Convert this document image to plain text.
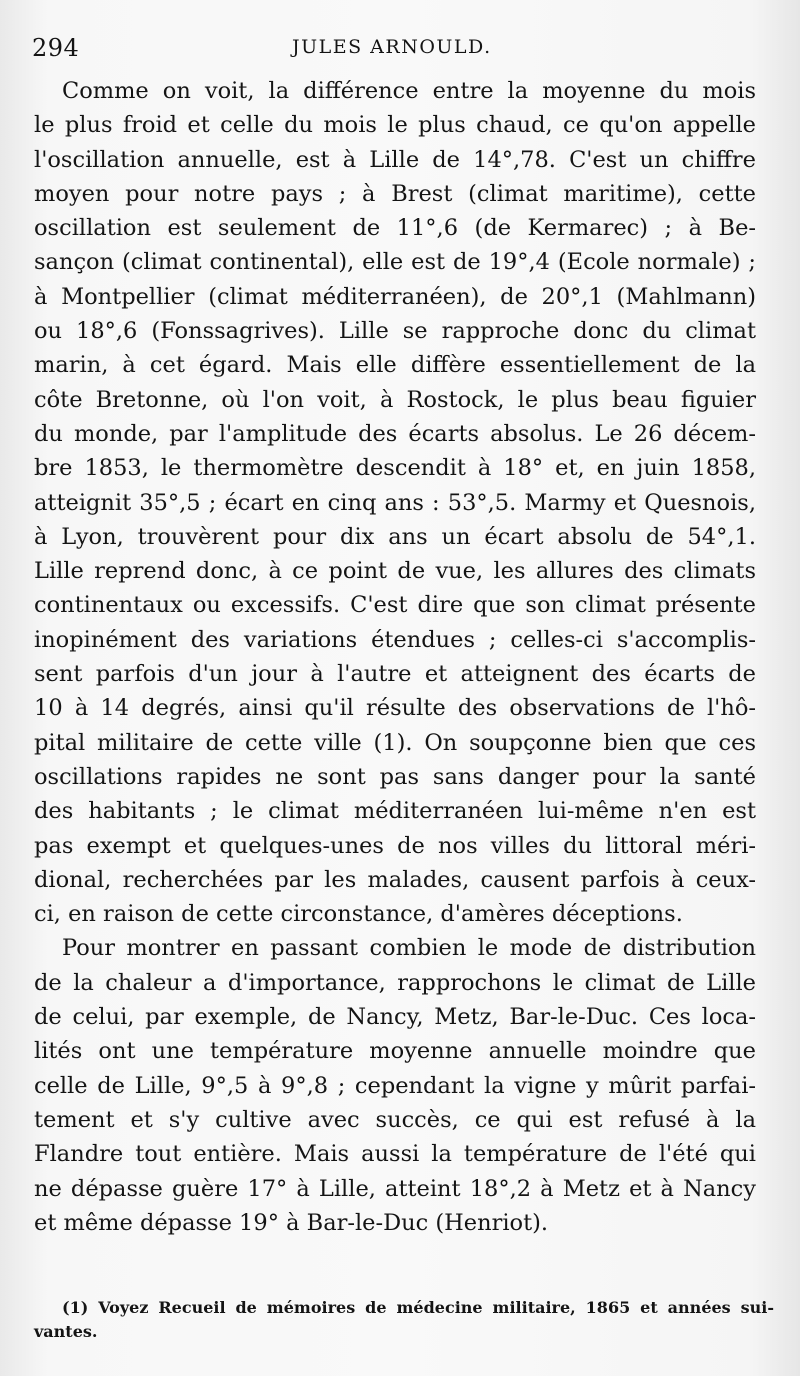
294	JULES ARNOULD.
Comme on voit, la différence entre la moyenne du mois
le plus froid et celle du mois le plus chaud, ce qu'on appelle
l'oscillation annuelle, est à Lille de 14°,78. C'est un chiffre
moyen pour notre pays ; à Brest (climat maritime), cette
oscillation est seulement de 11°,6 (de Kermarec) ; à Be-
sançon (climat continental), elle est de 19°,4 (Ecole normale) ;
à Montpellier (climat méditerranéen), de 20°,1 (Mahlmann)
ou 18°,6 (Fonssagrives). Lille se rapproche donc du climat
marin, à cet égard. Mais elle diffère essentiellement de la
côte Bretonne, où l'on voit, à Rostock, le plus beau figuier
du monde, par l'amplitude des écarts absolus. Le 26 décem-
bre 1853, le thermomètre descendit à 18° et, en juin 1858,
atteignit 35°,5 ; écart en cinq ans : 53°,5. Marmy et Quesnois,
à Lyon, trouvèrent pour dix ans un écart absolu de 54°,1.
Lille reprend donc, à ce point de vue, les allures des climats
continentaux ou excessifs. C'est dire que son climat présente
inopinément des variations étendues ; celles-ci s'accomplis-
sent parfois d'un jour à l'autre et atteignent des écarts de
10 à 14 degrés, ainsi qu'il résulte des observations de l'hô-
pital militaire de cette ville (1). On soupçonne bien que ces
oscillations rapides ne sont pas sans danger pour la santé
des habitants ; le climat méditerranéen lui-même n'en est
pas exempt et quelques-unes de nos villes du littoral méri-
dional, recherchées par les malades, causent parfois à ceux-
ci, en raison de cette circonstance, d'amères déceptions.
Pour montrer en passant combien le mode de distribution
de la chaleur a d'importance, rapprochons le climat de Lille
de celui, par exemple, de Nancy, Metz, Bar-le-Duc. Ces loca-
lités ont une température moyenne annuelle moindre que
celle de Lille, 9°,5 à 9°,8 ; cependant la vigne y mûrit parfai-
tement et s'y cultive avec succès, ce qui est refusé à la
Flandre tout entière. Mais aussi la température de l'été qui
ne dépasse guère 17° à Lille, atteint 18°,2 à Metz et à Nancy
et même dépasse 19° à Bar-le-Duc (Henriot).
(1) Voyez Recueil de mémoires de médecine militaire, 1865 et années sui-
vantes.
